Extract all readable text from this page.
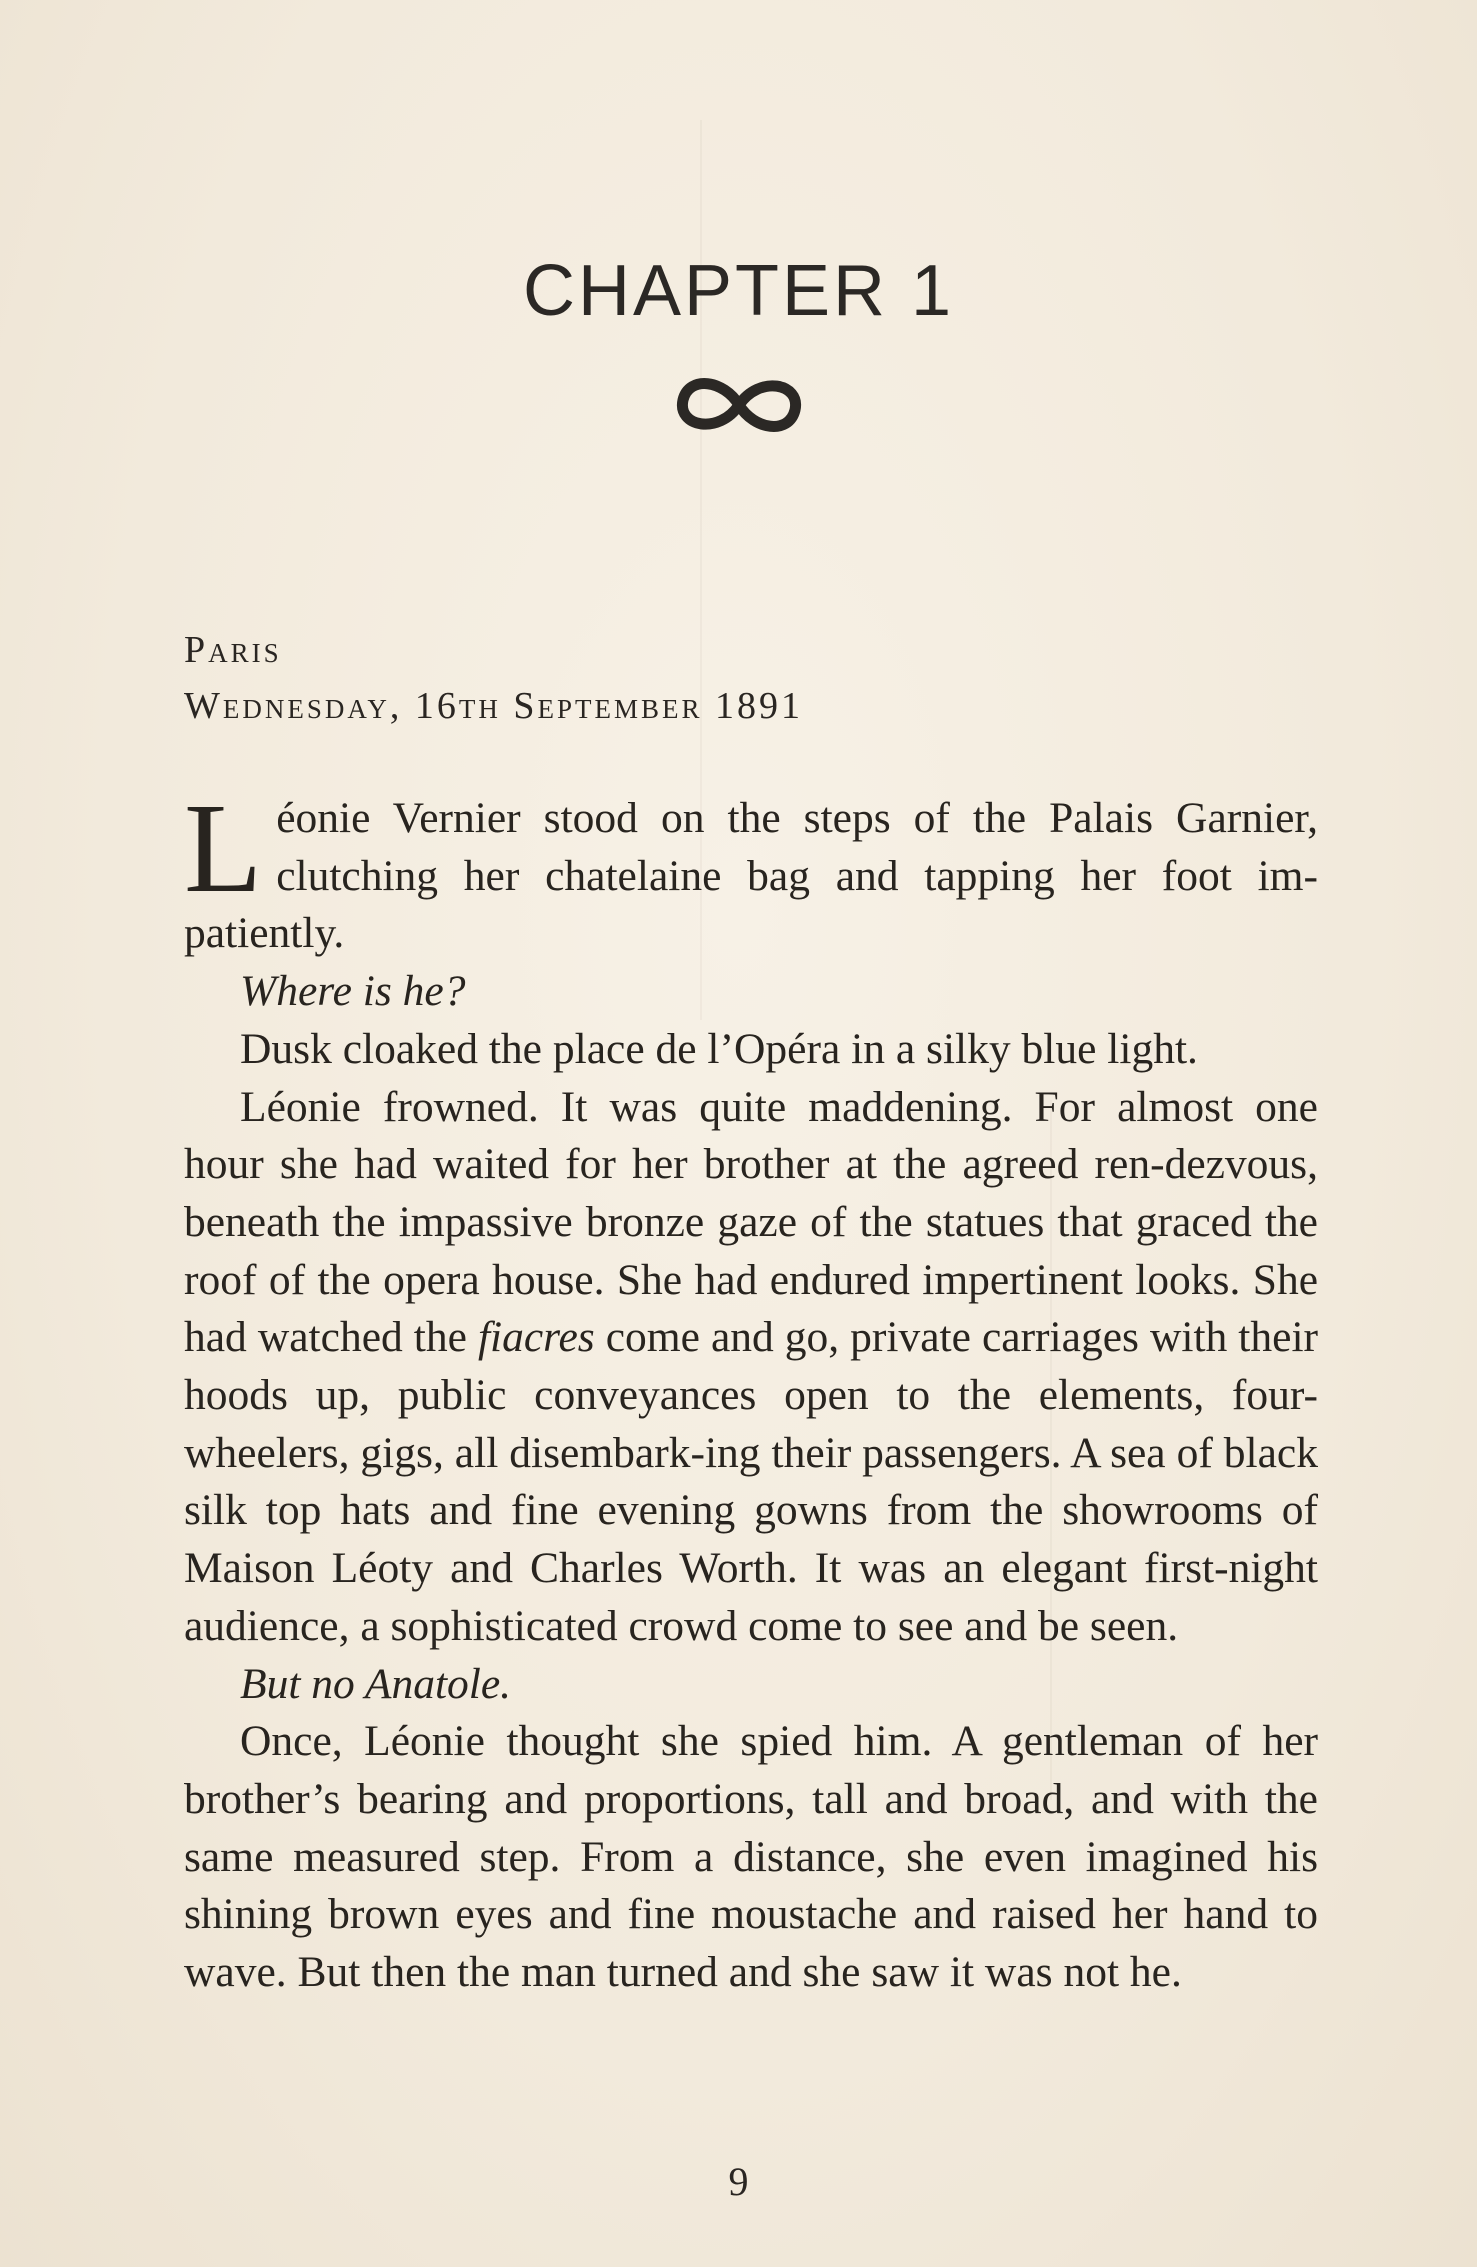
CHAPTER 1
Paris
Wednesday, 16th September 1891

Léonie Vernier stood on the steps of the Palais Garnier, clutching her chatelaine bag and tapping her foot im-patiently.

Where is he?

Dusk cloaked the place de l’Opéra in a silky blue light.

Léonie frowned. It was quite maddening. For almost one hour she had waited for her brother at the agreed ren-dezvous, beneath the impassive bronze gaze of the statues that graced the roof of the opera house. She had endured impertinent looks. She had watched the fiacres come and go, private carriages with their hoods up, public conveyances open to the elements, four-wheelers, gigs, all disembark-ing their passengers. A sea of black silk top hats and fine evening gowns from the showrooms of Maison Léoty and Charles Worth. It was an elegant first-night audience, a sophisticated crowd come to see and be seen.

But no Anatole.

Once, Léonie thought she spied him. A gentleman of her brother’s bearing and proportions, tall and broad, and with the same measured step. From a distance, she even imagined his shining brown eyes and fine moustache and raised her hand to wave. But then the man turned and she saw it was not he.

9
